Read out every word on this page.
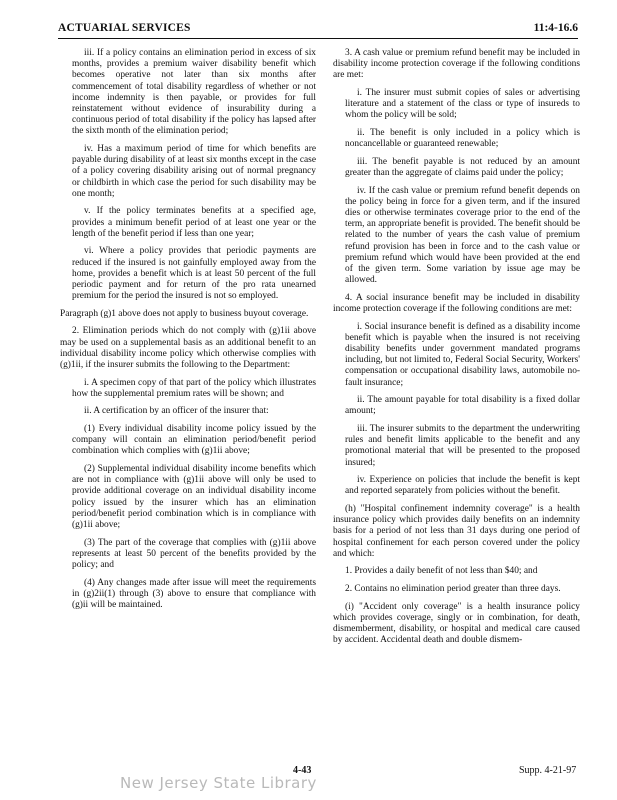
ACTUARIAL SERVICES	11:4-16.6

iii. If a policy contains an elimination period in excess of six months, provides a premium waiver disability benefit which becomes operative not later than six months after commencement of total disability regardless of whether or not income indemnity is then payable, or provides for full reinstatement without evidence of insurability during a continuous period of total disability if the policy has lapsed after the sixth month of the elimination period;

iv. Has a maximum period of time for which benefits are payable during disability of at least six months except in the case of a policy covering disability arising out of normal pregnancy or childbirth in which case the period for such disability may be one month;

v. If the policy terminates benefits at a specified age, provides a minimum benefit period of at least one year or the length of the benefit period if less than one year;

vi. Where a policy provides that periodic payments are reduced if the insured is not gainfully employed away from the home, provides a benefit which is at least 50 percent of the full periodic payment and for return of the pro rata unearned premium for the period the insured is not so employed.

Paragraph (g)1 above does not apply to business buyout coverage.

2. Elimination periods which do not comply with (g)1ii above may be used on a supplemental basis as an additional benefit to an individual disability income policy which otherwise complies with (g)1ii, if the insurer submits the following to the Department:

i. A specimen copy of that part of the policy which illustrates how the supplemental premium rates will be shown; and

ii. A certification by an officer of the insurer that:

(1) Every individual disability income policy issued by the company will contain an elimination period/benefit period combination which complies with (g)1ii above;

(2) Supplemental individual disability income benefits which are not in compliance with (g)1ii above will only be used to provide additional coverage on an individual disability income policy issued by the insurer which has an elimination period/benefit period combination which is in compliance with (g)1ii above;

(3) The part of the coverage that complies with (g)1ii above represents at least 50 percent of the benefits provided by the policy; and

(4) Any changes made after issue will meet the requirements in (g)2ii(1) through (3) above to ensure that compliance with (g)ii will be maintained.

3. A cash value or premium refund benefit may be included in disability income protection coverage if the following conditions are met:

i. The insurer must submit copies of sales or advertising literature and a statement of the class or type of insureds to whom the policy will be sold;

ii. The benefit is only included in a policy which is noncancellable or guaranteed renewable;

iii. The benefit payable is not reduced by an amount greater than the aggregate of claims paid under the policy;

iv. If the cash value or premium refund benefit depends on the policy being in force for a given term, and if the insured dies or otherwise terminates coverage prior to the end of the term, an appropriate benefit is provided. The benefit should be related to the number of years the cash value of premium refund provision has been in force and to the cash value or premium refund which would have been provided at the end of the given term. Some variation by issue age may be allowed.

4. A social insurance benefit may be included in disability income protection coverage if the following conditions are met:

i. Social insurance benefit is defined as a disability income benefit which is payable when the insured is not receiving disability benefits under government mandated programs including, but not limited to, Federal Social Security, Workers' compensation or occupational disability laws, automobile no-fault insurance;

ii. The amount payable for total disability is a fixed dollar amount;

iii. The insurer submits to the department the underwriting rules and benefit limits applicable to the benefit and any promotional material that will be presented to the proposed insured;

iv. Experience on policies that include the benefit is kept and reported separately from policies without the benefit.

(h) "Hospital confinement indemnity coverage" is a health insurance policy which provides daily benefits on an indemnity basis for a period of not less than 31 days during one period of hospital confinement for each person covered under the policy and which:

1. Provides a daily benefit of not less than $40; and

2. Contains no elimination period greater than three days.

(i) "Accident only coverage" is a health insurance policy which provides coverage, singly or in combination, for death, dismemberment, disability, or hospital and medical care caused by accident. Accidental death and double dismem-

4-43	Supp. 4-21-97
New Jersey State Library
